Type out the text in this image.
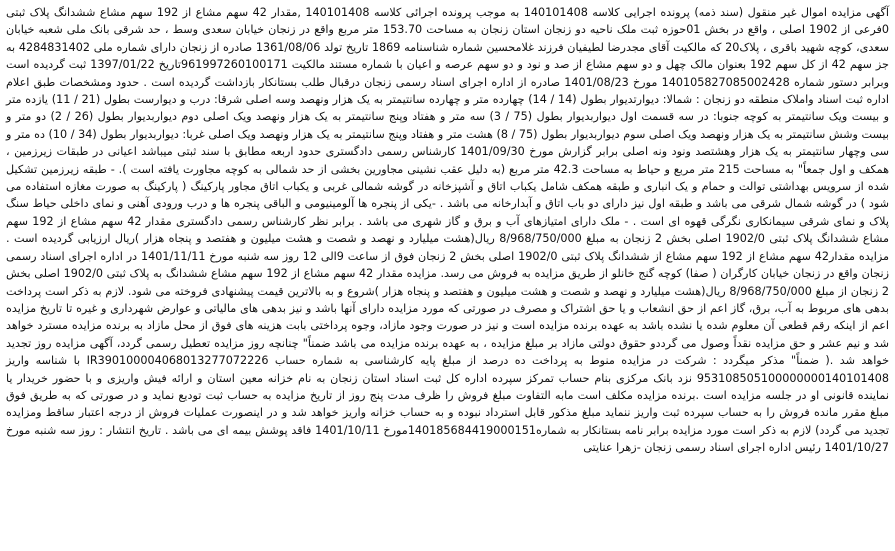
آگهی مزایده اموال غیر منقول (سند ذمه) پرونده اجرایی کلاسه 140101408 به موجب پرونده اجرائی کلاسه 140101408 ,مقدار 42 سهم مشاع از 192 سهم مشاع ششدانگ پلاک ثبتی 0فرعی از 1902 اصلی ، واقع در بخش 01حوزه ثبت ملک ناحیه دو زنجان استان زنجان به مساحت 153.70 متر مربع واقع در زنجان خیابان سعدی وسط ، حد شرقی بانک ملی شعبه خیابان سعدی، کوچه شهید باقری ، پلاک20 که مالکیت آقای مجدرضا لطیفیان فرزند غلامحسین شماره شناسنامه 1869 تاریخ تولد 1361/08/06 صادره از زنجان دارای شماره ملی 4284831402 به جز سهم 42 از کل سهم 192 بعنوان مالک چهل و دو سهم مشاع از صد و نود و دو سهم عرصه و اعیان با شماره مستند مالکیت 961997260100171تاریخ 1397/01/22 ثبت گردیده است وبرابر دستور شماره 140105827085002428 مورخ 1401/08/23 صادره از اداره اجرای اسناد رسمی زنجان درقبال طلب بستانکار بازداشت گردیده است . حدود ومشخصات طبق اعلام اداره ثبت اسناد واملاک منطقه دو زنجان : شمالا: دیوارتدیوار بطول (14 / 14) چهارده متر و چهارده سانتیمتر به یک هزار ونهصد وسه اصلی شرقا: درب و دیوارست بطول (21 / 11) یازده متر و بیست ویک سانتیمتر به کوچه جنوبا: در سه قسمت اول دیواربدیوار بطول (75 / 3) سه متر و هفتاد وپنج سانتیمتر به یک هزار ونهصد ویک اصلی دوم دیواربدیوار بطول (26 / 2) دو متر و بیست وشش سانتیمتر به یک هزار ونهصد ویک اصلی سوم دیواربدیوار بطول (75 / 8) هشت متر و هفتاد وپنج سانتیمتر به یک هزار ونهصد ویک اصلی غربا: دیواربدیوار بطول (34 / 10) ده متر و سی وچهار سانتیمتر به یک هزار وهشتصد ونود ونه اصلی برابر گزارش مورخ 1401/09/30 کارشناس رسمی دادگستری حدود اربعه مطابق با سند ثبتی میباشد اعیانی در طبقات زیرزمین ، همکف و اول جمعاً" به مساحت 215 متر مربع و حیاط به مساحت 42.3 متر مربع (به دلیل عقب نشینی مجاورین بخشی از حد شمالی به کوچه مجاورت یافته است ). - طبقه زیرزمین تشکیل شده از سرویس بهداشتی توالت و حمام و یک انباری و طبقه همکف شامل یکباب اتاق و آشپزخانه در گوشه شمالی غربی و یکباب اتاق مجاور پارکینگ ( پارکینگ به صورت مغازه استفاده می شود ) در گوشه شمال شرقی می باشد و طبقه اول نیز دارای دو باب اتاق و آبدارخانه می باشد . -یکی از پنجره ها آلومینیومی و الباقی پنجره ها و درب ورودی آهنی و نمای داخلی حیاط سنگ پلاک و نمای شرقی سیمانکاری نگرگی قهوه ای است . - ملک دارای امتیازهای آب و برق و گاز شهری می باشد . برابر نظر کارشناس رسمی دادگستری مقدار 42 سهم مشاع از 192 سهم مشاع ششدانگ پلاک ثبتی 1902/0 اصلی بخش 2 زنجان به مبلغ 8/968/750/000 ریال(هشت میلیارد و نهصد و شصت و هشت میلیون و هفتصد و پنجاه هزار )ریال ارزیابی گردیده است . مزایده مقدار42 سهم مشاع از 192 سهم مشاع از ششدانگ پلاک ثبتی 1902/0 اصلی بخش 2 زنجان فوق از ساعت 9الی 12 روز سه شنبه مورخ 1401/11/11 در اداره اجرای اسناد رسمی زنجان واقع در زنجان خیابان کارگران ( صفا) کوچه گنج خانلو از طریق مزایده به فروش می رسد. مزایده مقدار 42 سهم مشاع از 192 سهم مشاع ششدانگ به پلاک ثبتی 1902/0 اصلی بخش 2 زنجان از مبلغ 8/968/750/000 ریال(هشت میلیارد و نهصد و شصت و هشت میلیون و هفتصد و پنجاه هزار )شروع و به بالاترین قیمت پیشنهادی فروخته می شود. لازم به ذکر است پرداخت بدهی های مربوط به آب، برق، گاز اعم از حق انشعاب و یا حق اشتراک و مصرف در صورتی که مورد مزایده دارای آنها باشد و نیز بدهی های مالیاتی و عوارض شهرداری و غیره تا تاریخ مزایده اعم از اینکه رقم قطعی آن معلوم شده یا نشده باشد به عهده برنده مزایده است و نیز در صورت وجود مازاد، وجوه پرداختی بابت هزینه های فوق از محل مازاد به برنده مزایده مسترد خواهد شد و نیم عشر و حق مزایده نقداً وصول می گرددو حقوق دولتی مازاد بر مبلغ مزایده ، به عهده برنده مزایده می باشد ضمناً" چنانچه روز مزایده تعطیل رسمی گردد، آگهی مزایده روز تجدید خواهد شد .( ضمناً" مذکر میگردد : شرکت در مزایده منوط به پرداخت ده درصد از مبلغ پایه کارشناسی به شماره حساب IR390100004068013277072226 با شناسه واریز 953108505100000000140101408 نزد بانک مرکزی بنام حساب تمرکز سپرده اداره کل ثبت اسناد استان زنجان به نام خزانه معین استان و ارائه فیش واریزی و با حضور خریدار یا نماینده قانونی او در جلسه مزایده است .برنده مزایده مکلف است مابه التفاوت مبلغ فروش را ظرف مدت پنج روز از تاریخ مزایده به حساب ثبت تودیع نماید و در صورتی که به طریق فوق مبلغ مقرر مانده فروش را به حساب سپرده ثبت واریز ننماید مبلغ مذکور قابل استرداد نبوده و به حساب خزانه واریز خواهد شد و در اینصورت عملیات فروش از درجه اعتبار ساقط ومزایده تجدید می گردد) لازم به ذکر است مورد مزایده برابر نامه بستانکار به شماره140185684419000151مورخ 1401/10/11 فاقد پوشش بیمه ای می باشد . تاریخ انتشار : روز سه شنبه مورخ 1401/10/27 رئیس اداره اجرای اسناد رسمی زنجان -زهرا عنایتی
